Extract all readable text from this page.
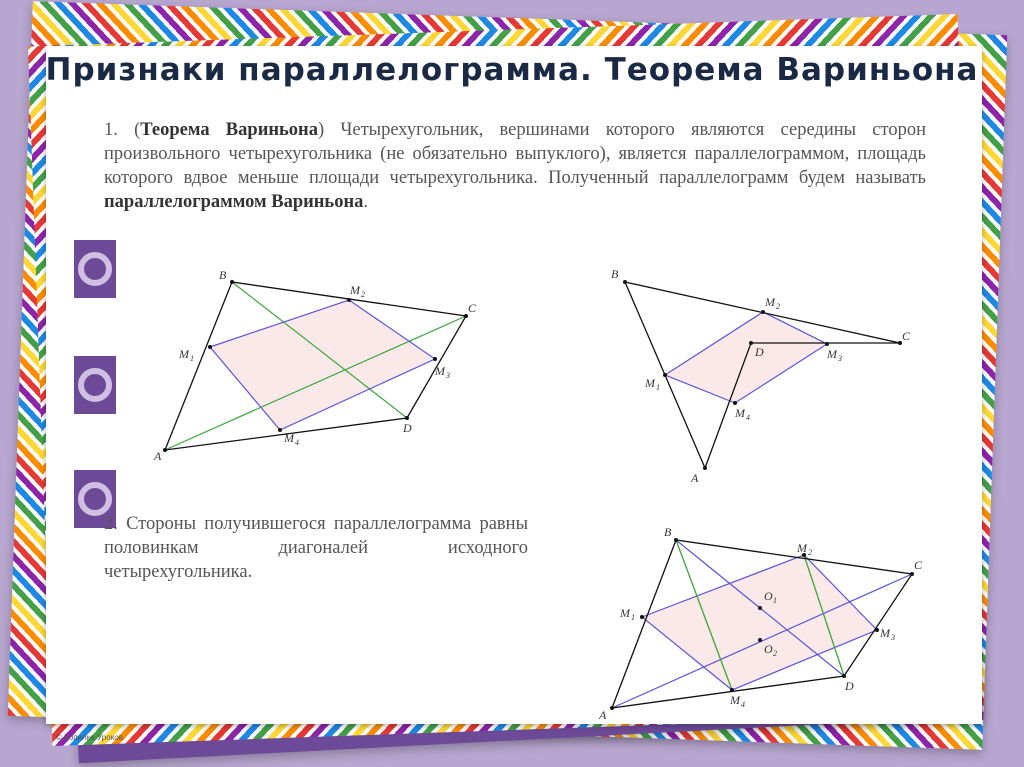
Признаки параллелограмма. Теорема Вариньона
1. (Теорема Вариньона) Четырехугольник, вершинами которого являются середины сторон произвольного четырехугольника (не обязательно выпуклого), является параллелограммом, площадь которого вдвое меньше площади четырехугольника. Полученный параллелограмм будем называть параллелограммом Вариньона.
2. Стороны получившегося параллелограмма равны половинкам диагоналей исходного четырехугольника.
A
B
C
D
M 1
M 2
M 3
M 4
A
B
C
D
M 1
M 2
M 3
M 4
A
B
C
D
M 1
M 2
M 3
M 4
O 1
O 2
© Копилка Уроков
